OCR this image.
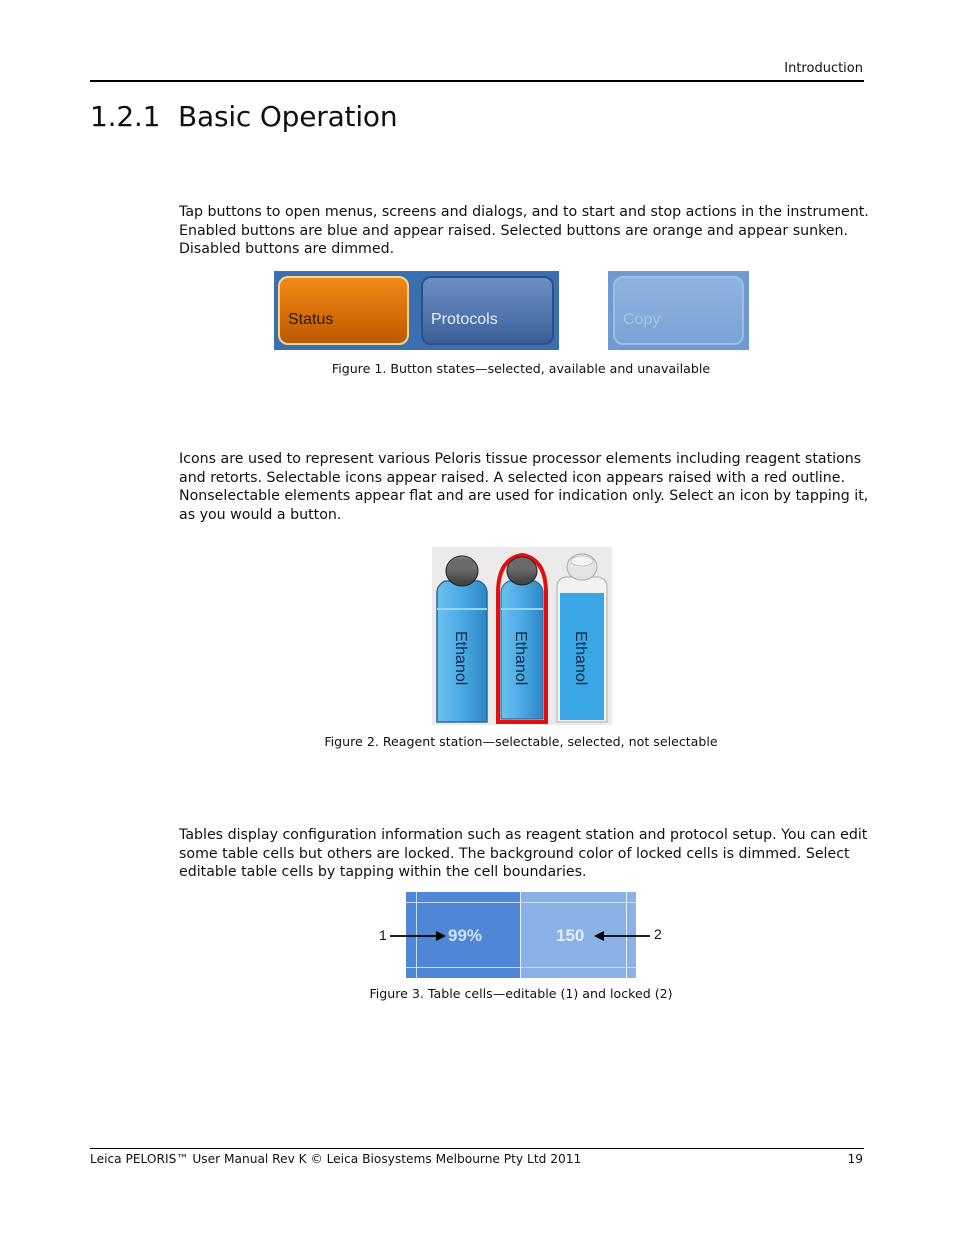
Introduction
1.2.1 Basic Operation
Tap buttons to open menus, screens and dialogs, and to start and stop actions in the instrument. Enabled buttons are blue and appear raised. Selected buttons are orange and appear sunken. Disabled buttons are dimmed.
Status	Protocols	Copy
Figure 1. Button states—selected, available and unavailable
Icons are used to represent various Peloris tissue processor elements including reagent stations and retorts. Selectable icons appear raised. A selected icon appears raised with a red outline. Nonselectable elements appear flat and are used for indication only. Select an icon by tapping it, as you would a button.
Ethanol	Ethanol	Ethanol
Figure 2. Reagent station—selectable, selected, not selectable
Tables display configuration information such as reagent station and protocol setup. You can edit some table cells but others are locked. The background color of locked cells is dimmed. Select editable table cells by tapping within the cell boundaries.
99%	150
1	2
Figure 3. Table cells—editable (1) and locked (2)
Leica PELORIS™ User Manual Rev K © Leica Biosystems Melbourne Pty Ltd 2011	19
